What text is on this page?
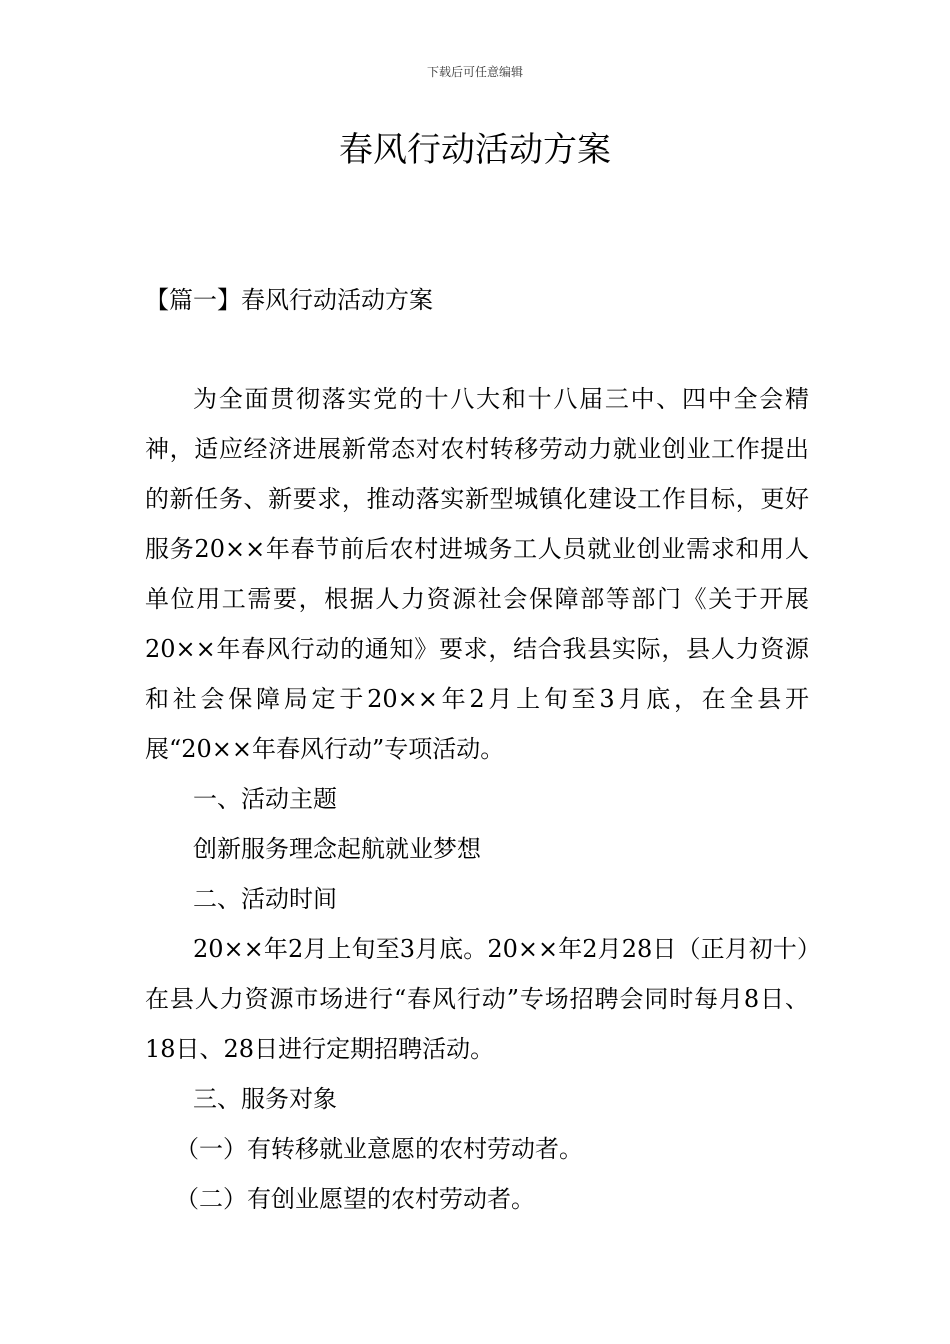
下载后可任意编辑
春风行动活动方案
【篇一】春风行动活动方案

为全面贯彻落实党的十八大和十八届三中、四中全会精神，适应经济进展新常态对农村转移劳动力就业创业工作提出的新任务、新要求，推动落实新型城镇化建设工作目标，更好服务20××年春节前后农村进城务工人员就业创业需求和用人单位用工需要，根据人力资源社会保障部等部门《关于开展20××年春风行动的通知》要求，结合我县实际，县人力资源和社会保障局定于20××年2月上旬至3月底，在全县开展“20××年春风行动”专项活动。

一、活动主题

创新服务理念起航就业梦想

二、活动时间

20××年2月上旬至3月底。20××年2月28日（正月初十）在县人力资源市场进行“春风行动”专场招聘会同时每月8日、18日、28日进行定期招聘活动。

三、服务对象

（一）有转移就业意愿的农村劳动者。

（二）有创业愿望的农村劳动者。
